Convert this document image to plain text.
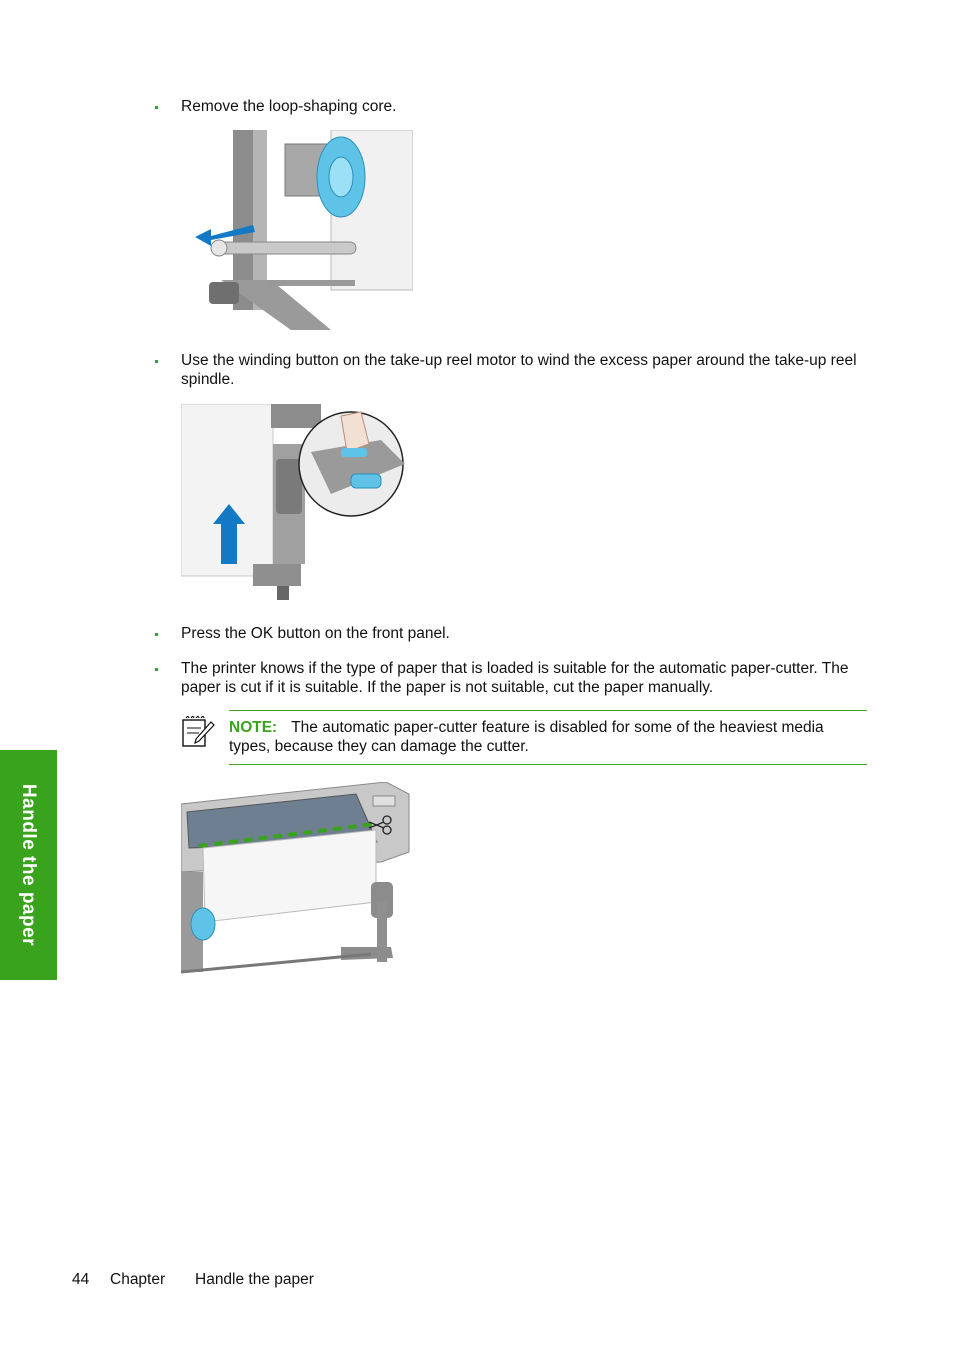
Remove the loop-shaping core.
Use the winding button on the take-up reel motor to wind the excess paper around the take-up reel spindle.
Press the OK button on the front panel.
The printer knows if the type of paper that is loaded is suitable for the automatic paper-cutter. The paper is cut if it is suitable. If the paper is not suitable, cut the paper manually.
NOTE: The automatic paper-cutter feature is disabled for some of the heaviest media types, because they can damage the cutter.
Handle the paper
44 Chapter Handle the paper
